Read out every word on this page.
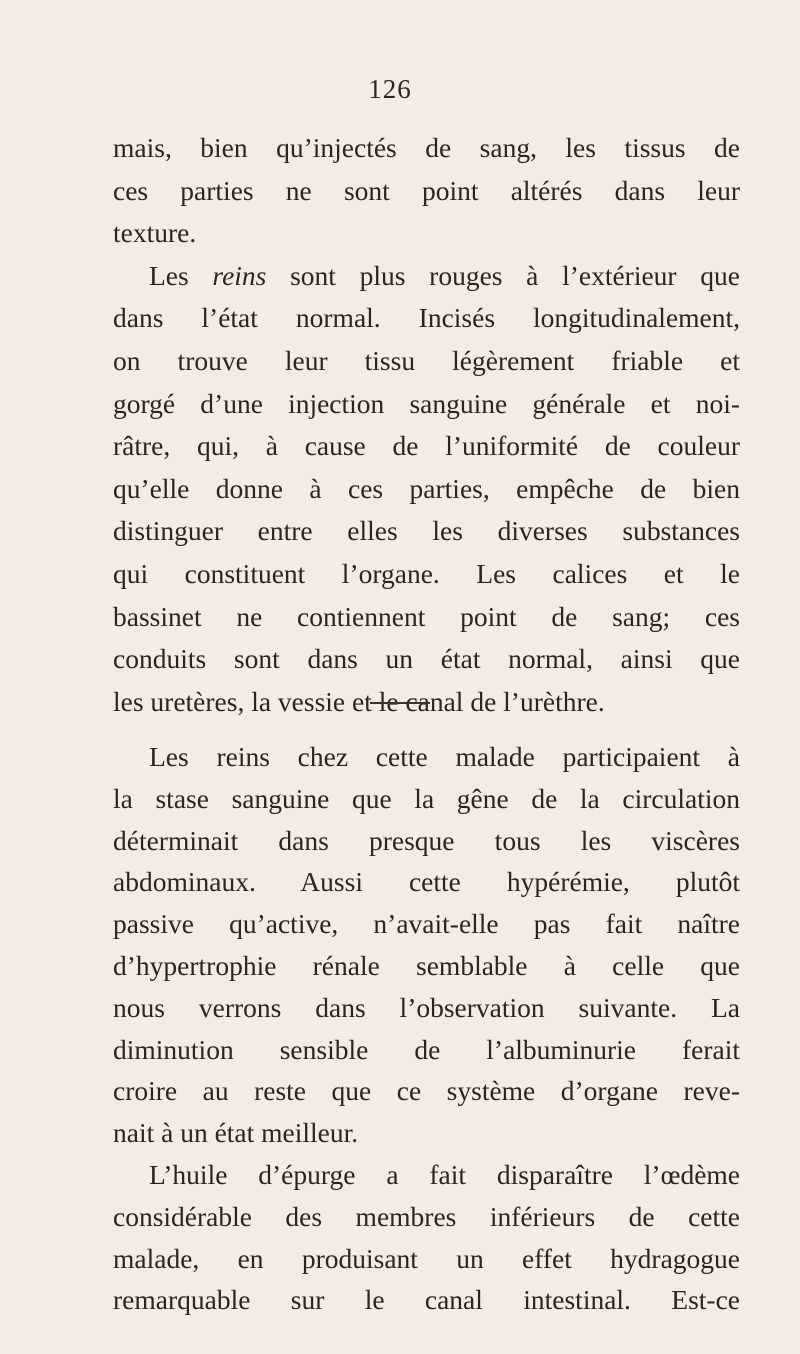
126
mais, bien qu’injectés de sang, les tissus de
ces parties ne sont point altérés dans leur
texture.
Les reins sont plus rouges à l’extérieur que
dans l’état normal. Incisés longitudinalement,
on trouve leur tissu légèrement friable et
gorgé d’une injection sanguine générale et noi-
râtre, qui, à cause de l’uniformité de couleur
qu’elle donne à ces parties, empêche de bien
distinguer entre elles les diverses substances
qui constituent l’organe. Les calices et le
bassinet ne contiennent point de sang; ces
conduits sont dans un état normal, ainsi que
les uretères, la vessie et le canal de l’urèthre.
Les reins chez cette malade participaient à
la stase sanguine que la gêne de la circulation
déterminait dans presque tous les viscères
abdominaux. Aussi cette hypérémie, plutôt
passive qu’active, n’avait-elle pas fait naître
d’hypertrophie rénale semblable à celle que
nous verrons dans l’observation suivante. La
diminution sensible de l’albuminurie ferait
croire au reste que ce système d’organe reve-
nait à un état meilleur.
L’huile d’épurge a fait disparaître l’œdème
considérable des membres inférieurs de cette
malade, en produisant un effet hydragogue
remarquable sur le canal intestinal. Est-ce
